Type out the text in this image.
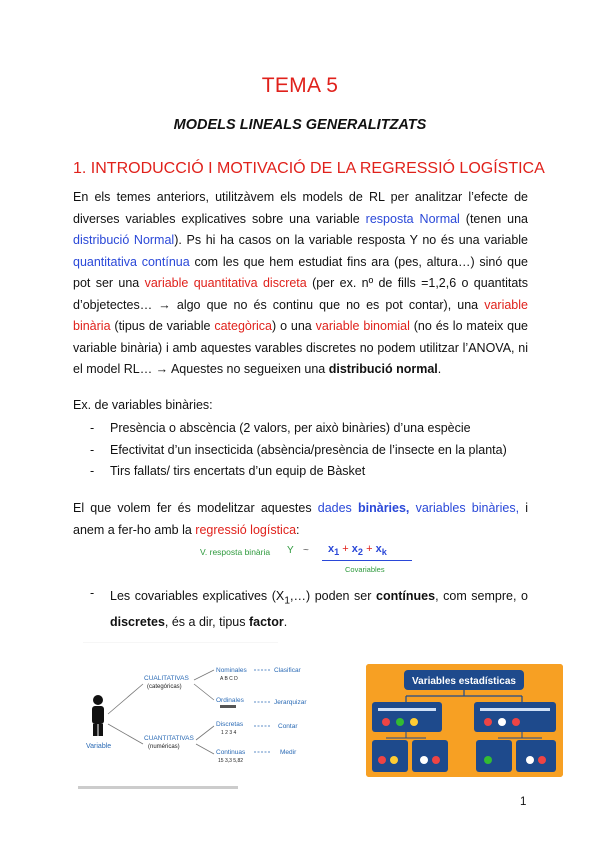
TEMA 5
MODELS LINEALS GENERALITZATS
1. INTRODUCCIÓ I MOTIVACIÓ DE LA REGRESSIÓ LOGÍSTICA
En els temes anteriors, utilitzàvem els models de RL per analitzar l’efecte de diverses variables explicatives sobre una variable resposta Normal (tenen una distribució Normal). Ps hi ha casos on la variable resposta Y no és una variable quantitativa contínua com les que hem estudiat fins ara (pes, altura…) sinó que pot ser una variable quantitativa discreta (per ex. nº de fills =1,2,6 o quantitats d’objetectes… → algo que no és continu que no es pot contar), una variable binària (tipus de variable categòrica) o una variable binomial (no és lo mateix que variable binària) i amb aquestes varables discretes no podem utilitzar l’ANOVA, ni el model RL… → Aquestes no segueixen una distribució normal.
Ex. de variables binàries:
- Presència o abscència (2 valors, per això binàries) d’una espècie
- Efectivitat d’un insecticida (absència/presència de l’insecte en la planta)
- Tirs fallats/ tirs encertats d’un equip de Bàsket
El que volem fer és modelitzar aquestes dades binàries, variables binàries, i anem a fer-ho amb la regressió logística:
V. resposta binària Y ~ $x_1 + x_2 + x_k$
Covariables
- Les covariables explicatives $(X_1,\dots)$ poden ser contínues, com sempre, o discretes, és a dir, tipus factor.
Variable
CUALITATIVAS
(categóricas)
CUANTITATIVAS
(numéricas)
Nominales
A B C D
Ordinales
Discretas
1 2 3 4
Continuas
15 3,3 5,82
Clasificar
Jerarquizar
Contar
Medir
Variables estadísticas
1
